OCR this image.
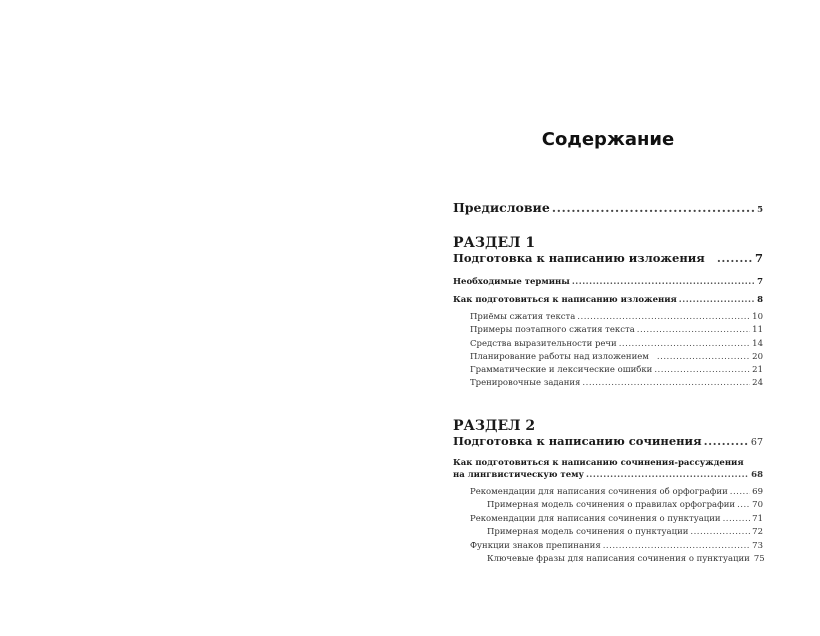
Содержание
Предисловие .....	5
РАЗДЕЛ 1
Подготовка к написанию изложения .....	7
Необходимые термины .....	7
Как подготовиться к написанию изложения .....	8
Приёмы сжатия текста .....	10
Примеры поэтапного сжатия текста .....	11
Средства выразительности речи .....	14
Планирование работы над изложением .....	20
Грамматические и лексические ошибки .....	21
Тренировочные задания .....	24
РАЗДЕЛ 2
Подготовка к написанию сочинения .....	67
Как подготовиться к написанию сочинения-рассуждения
на лингвистическую тему .....	68
Рекомендации для написания сочинения об орфографии .....	69
Примерная модель сочинения о правилах орфографии ..... 70
Рекомендации для написания сочинения о пунктуации .....	71
Примерная модель сочинения о пунктуации .....	72
Функции знаков препинания .....	73
Ключевые фразы для написания сочинения о пунктуации 75
